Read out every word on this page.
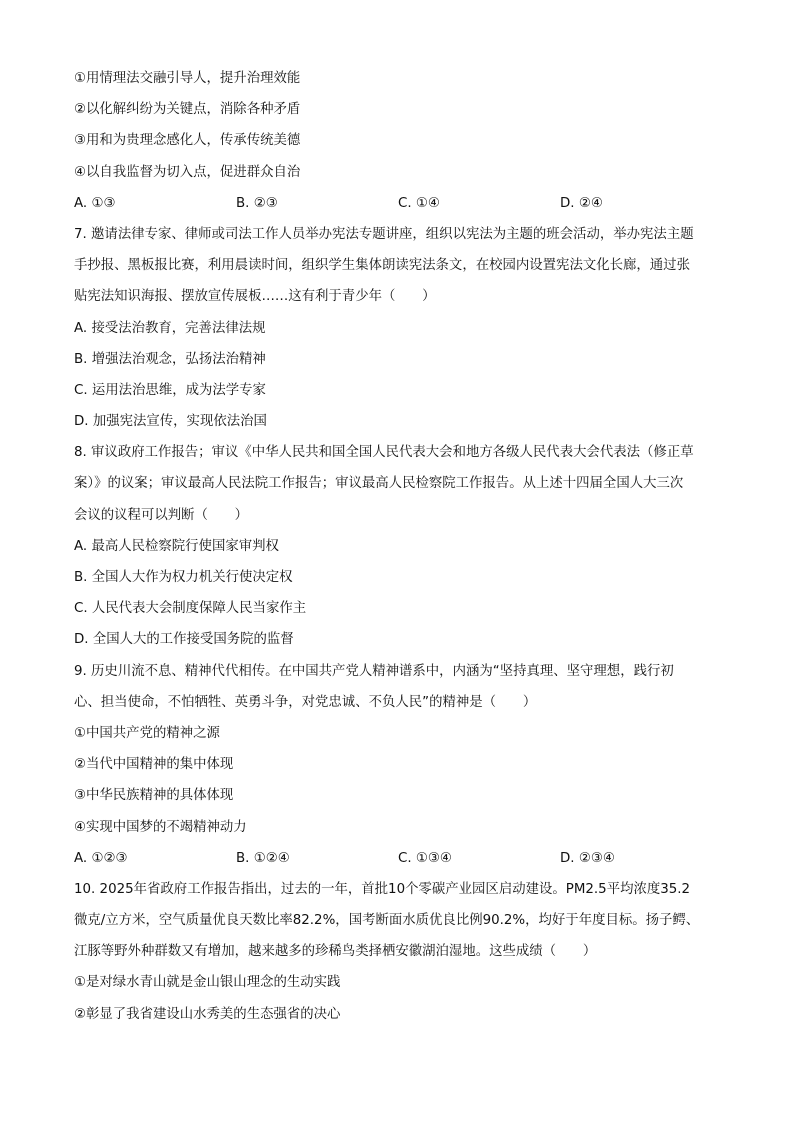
①用情理法交融引导人，提升治理效能
②以化解纠纷为关键点，消除各种矛盾
③用和为贵理念感化人，传承传统美德
④以自我监督为切入点，促进群众自治
A. ①③	B. ②③	C. ①④	D. ②④
7. 邀请法律专家、律师或司法工作人员举办宪法专题讲座，组织以宪法为主题的班会活动，举办宪法主题
手抄报、黑板报比赛，利用晨读时间，组织学生集体朗读宪法条文，在校园内设置宪法文化长廊，通过张
贴宪法知识海报、摆放宣传展板……这有利于青少年（　　）
A. 接受法治教育，完善法律法规
B. 增强法治观念，弘扬法治精神
C. 运用法治思维，成为法学专家
D. 加强宪法宣传，实现依法治国
8. 审议政府工作报告；审议《中华人民共和国全国人民代表大会和地方各级人民代表大会代表法（修正草
案）》的议案；审议最高人民法院工作报告；审议最高人民检察院工作报告。从上述十四届全国人大三次
会议的议程可以判断（　　）
A. 最高人民检察院行使国家审判权
B. 全国人大作为权力机关行使决定权
C. 人民代表大会制度保障人民当家作主
D. 全国人大的工作接受国务院的监督
9. 历史川流不息、精神代代相传。在中国共产党人精神谱系中，内涵为“坚持真理、坚守理想，践行初
心、担当使命，不怕牺牲、英勇斗争，对党忠诚、不负人民”的精神是（　　）
①中国共产党的精神之源
②当代中国精神的集中体现
③中华民族精神的具体体现
④实现中国梦的不竭精神动力
A. ①②③	B. ①②④	C. ①③④	D. ②③④
10. 2025年省政府工作报告指出，过去的一年，首批10个零碳产业园区启动建设。PM2.5平均浓度35.2
微克/立方米，空气质量优良天数比率82.2%，国考断面水质优良比例90.2%，均好于年度目标。扬子鳄、
江豚等野外种群数又有增加，越来越多的珍稀鸟类择栖安徽湖泊湿地。这些成绩（　　）
①是对绿水青山就是金山银山理念的生动实践
②彰显了我省建设山水秀美的生态强省的决心
